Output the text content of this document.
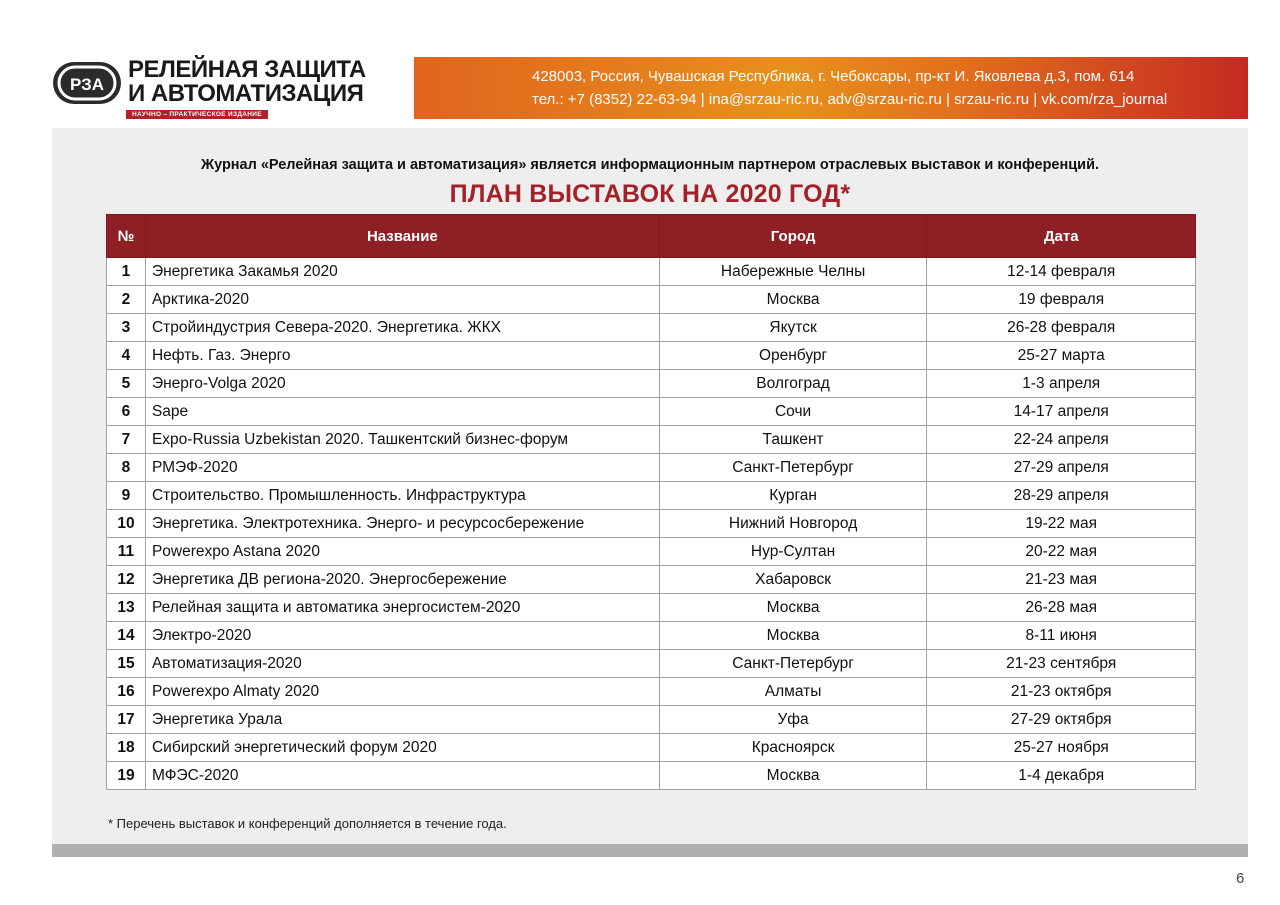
РЗА
РЕЛЕЙНАЯ ЗАЩИТА
И АВТОМАТИЗАЦИЯ
НАУЧНО – ПРАКТИЧЕСКОЕ ИЗДАНИЕ
428003, Россия, Чувашская Республика, г. Чебоксары, пр-кт И. Яковлева д.3, пом. 614
тел.: +7 (8352) 22-63-94 | ina@srzau-ric.ru, adv@srzau-ric.ru | srzau-ric.ru | vk.com/rza_journal
Журнал «Релейная защита и автоматизация» является информационным партнером отраслевых выставок и конференций.
ПЛАН ВЫСТАВОК НА 2020 ГОД*
№	Название	Город	Дата
1	Энергетика Закамья 2020	Набережные Челны	12-14 февраля
2	Арктика-2020	Москва	19 февраля
3	Стройиндустрия Севера-2020. Энергетика. ЖКХ	Якутск	26-28 февраля
4	Нефть. Газ. Энерго	Оренбург	25-27 марта
5	Энерго-Volga 2020	Волгоград	1-3 апреля
6	Sape	Сочи	14-17 апреля
7	Expo-Russia Uzbekistan 2020. Ташкентский бизнес-форум	Ташкент	22-24 апреля
8	РМЭФ-2020	Санкт-Петербург	27-29 апреля
9	Строительство. Промышленность. Инфраструктура	Курган	28-29 апреля
10	Энергетика. Электротехника. Энерго- и ресурсосбережение	Нижний Новгород	19-22 мая
11	Powerexpo Astana 2020	Нур-Султан	20-22 мая
12	Энергетика ДВ региона-2020. Энергосбережение	Хабаровск	21-23 мая
13	Релейная защита и автоматика энергосистем-2020	Москва	26-28 мая
14	Электро-2020	Москва	8-11 июня
15	Автоматизация-2020	Санкт-Петербург	21-23 сентября
16	Powerexpo Almaty 2020	Алматы	21-23 октября
17	Энергетика Урала	Уфа	27-29 октября
18	Сибирский энергетический форум 2020	Красноярск	25-27 ноября
19	МФЭС-2020	Москва	1-4 декабря
* Перечень выставок и конференций дополняется в течение года.
6
